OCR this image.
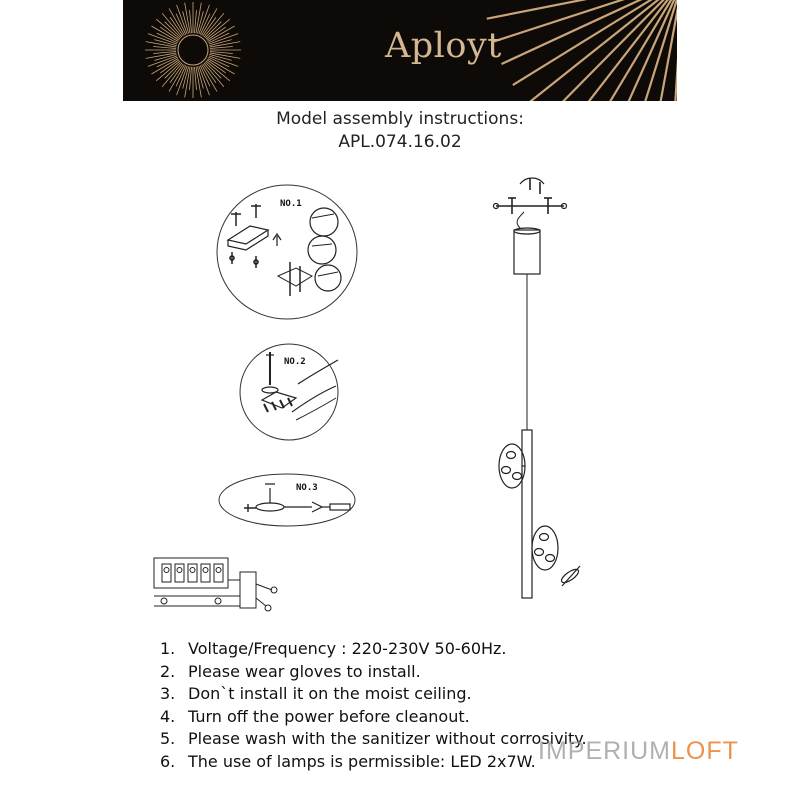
Aployt
Model assembly instructions:
APL.074.16.02
NO.1
NO.2
NO.3
1. Voltage/Frequency : 220-230V 50-60Hz.
2. Please wear gloves to install.
3. Don`t install it on the moist ceiling.
4. Turn off the power before cleanout.
5. Please wash with the sanitizer without corrosivity.
6. The use of lamps is permissible: LED 2x7W. IMPERIUMLOFT
